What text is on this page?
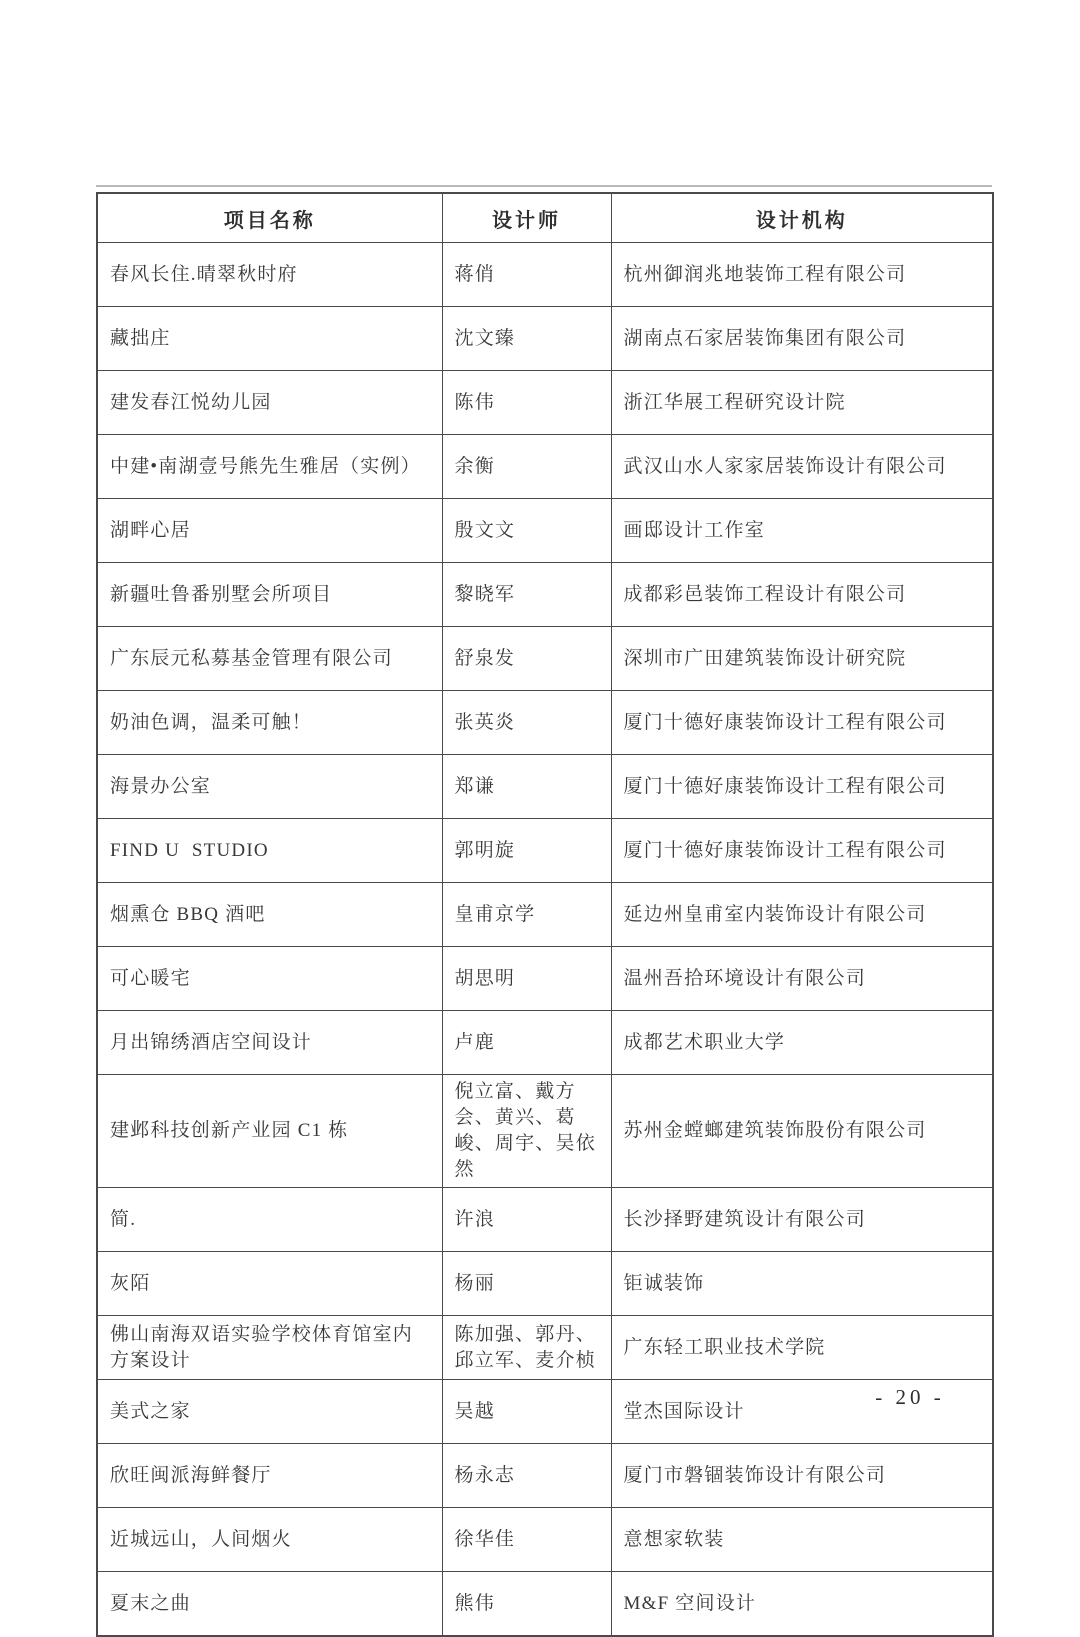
项目名称	设计师	设计机构
春风长住.晴翠秋时府	蒋俏	杭州御润兆地装饰工程有限公司
藏拙庄	沈文臻	湖南点石家居装饰集团有限公司
建发春江悦幼儿园	陈伟	浙江华展工程研究设计院
中建•南湖壹号熊先生雅居（实例）	余衡	武汉山水人家家居装饰设计有限公司
湖畔心居	殷文文	画邸设计工作室
新疆吐鲁番别墅会所项目	黎晓军	成都彩邑装饰工程设计有限公司
广东辰元私募基金管理有限公司	舒泉发	深圳市广田建筑装饰设计研究院
奶油色调，温柔可触！	张英炎	厦门十德好康装饰设计工程有限公司
海景办公室	郑谦	厦门十德好康装饰设计工程有限公司
FIND U  STUDIO	郭明旋	厦门十德好康装饰设计工程有限公司
烟熏仓 BBQ 酒吧	皇甫京学	延边州皇甫室内装饰设计有限公司
可心暖宅	胡思明	温州吾拾环境设计有限公司
月出锦绣酒店空间设计	卢鹿	成都艺术职业大学
建邺科技创新产业园 C1 栋	倪立富、戴方会、黄兴、葛峻、周宇、吴依然	苏州金螳螂建筑装饰股份有限公司
简.	许浪	长沙择野建筑设计有限公司
灰陌	杨丽	钜诚装饰
佛山南海双语实验学校体育馆室内方案设计	陈加强、郭丹、邱立军、麦介桢	广东轻工职业技术学院
美式之家	吴越	堂杰国际设计
欣旺闽派海鲜餐厅	杨永志	厦门市磐锢装饰设计有限公司
近城远山，人间烟火	徐华佳	意想家软装
夏末之曲	熊伟	M&F 空间设计
- 20 -
